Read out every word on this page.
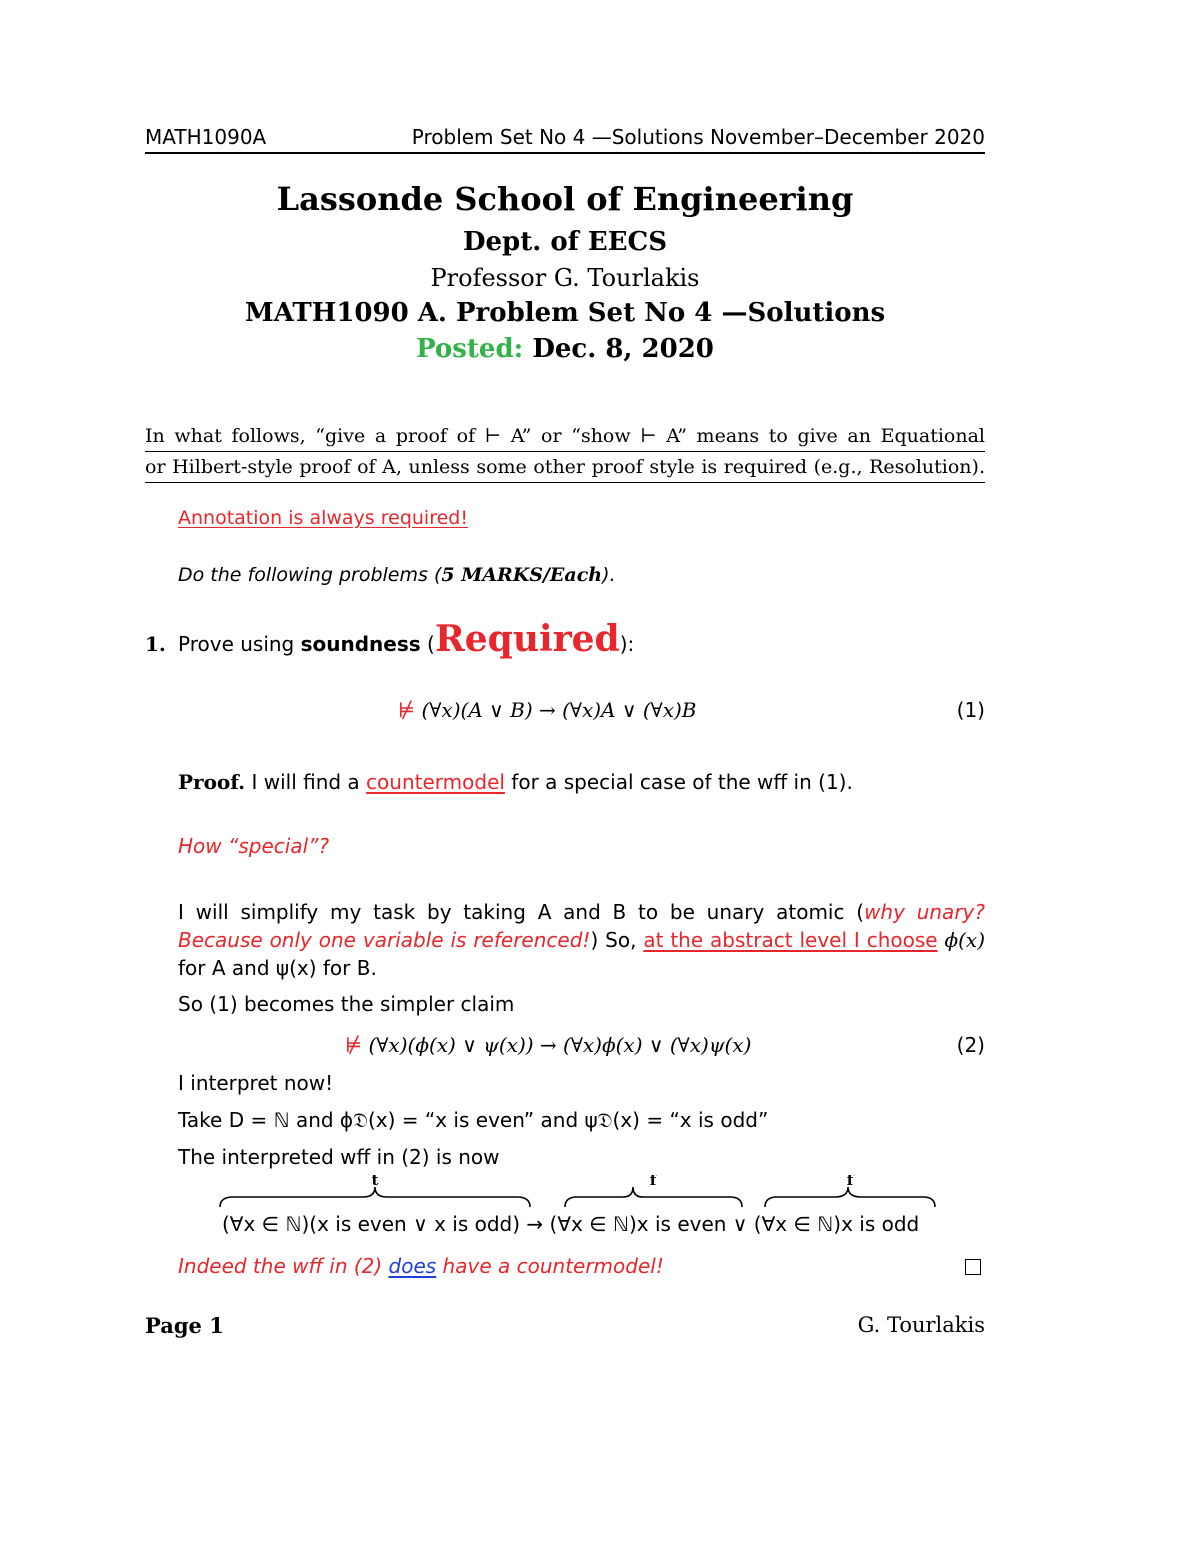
MATH1090A	Problem Set No 4 —Solutions November–December 2020
Lassonde School of Engineering
Dept. of EECS
Professor G. Tourlakis
MATH1090 A. Problem Set No 4 —Solutions
Posted: Dec. 8, 2020
In what follows, “give a proof of ⊢ A” or “show ⊢ A” means to give an Equational
or Hilbert-style proof of A, unless some other proof style is required (e.g., Resolution).
Annotation is always required!
Do the following problems (5 MARKS/Each).
1. Prove using soundness (Required):
⊭ (∀x)(A ∨ B) → (∀x)A ∨ (∀x)B	(1)
Proof. I will find a countermodel for a special case of the wff in (1).
How “special”?
I will simplify my task by taking A and B to be unary atomic (why unary?
Because only one variable is referenced!) So, at the abstract level I choose ϕ(x)
for A and ψ(x) for B.
So (1) becomes the simpler claim
⊭ (∀x)(ϕ(x) ∨ ψ(x)) → (∀x)ϕ(x) ∨ (∀x)ψ(x)	(2)
I interpret now!
Take D = ℕ and ϕ𝔇(x) = “x is even” and ψ𝔇(x) = “x is odd”
The interpreted wff in (2) is now
t	f	f
(∀x ∈ ℕ)(x is even ∨ x is odd) → (∀x ∈ ℕ)x is even ∨ (∀x ∈ ℕ)x is odd
Indeed the wff in (2) does have a countermodel!
Page 1	G. Tourlakis
